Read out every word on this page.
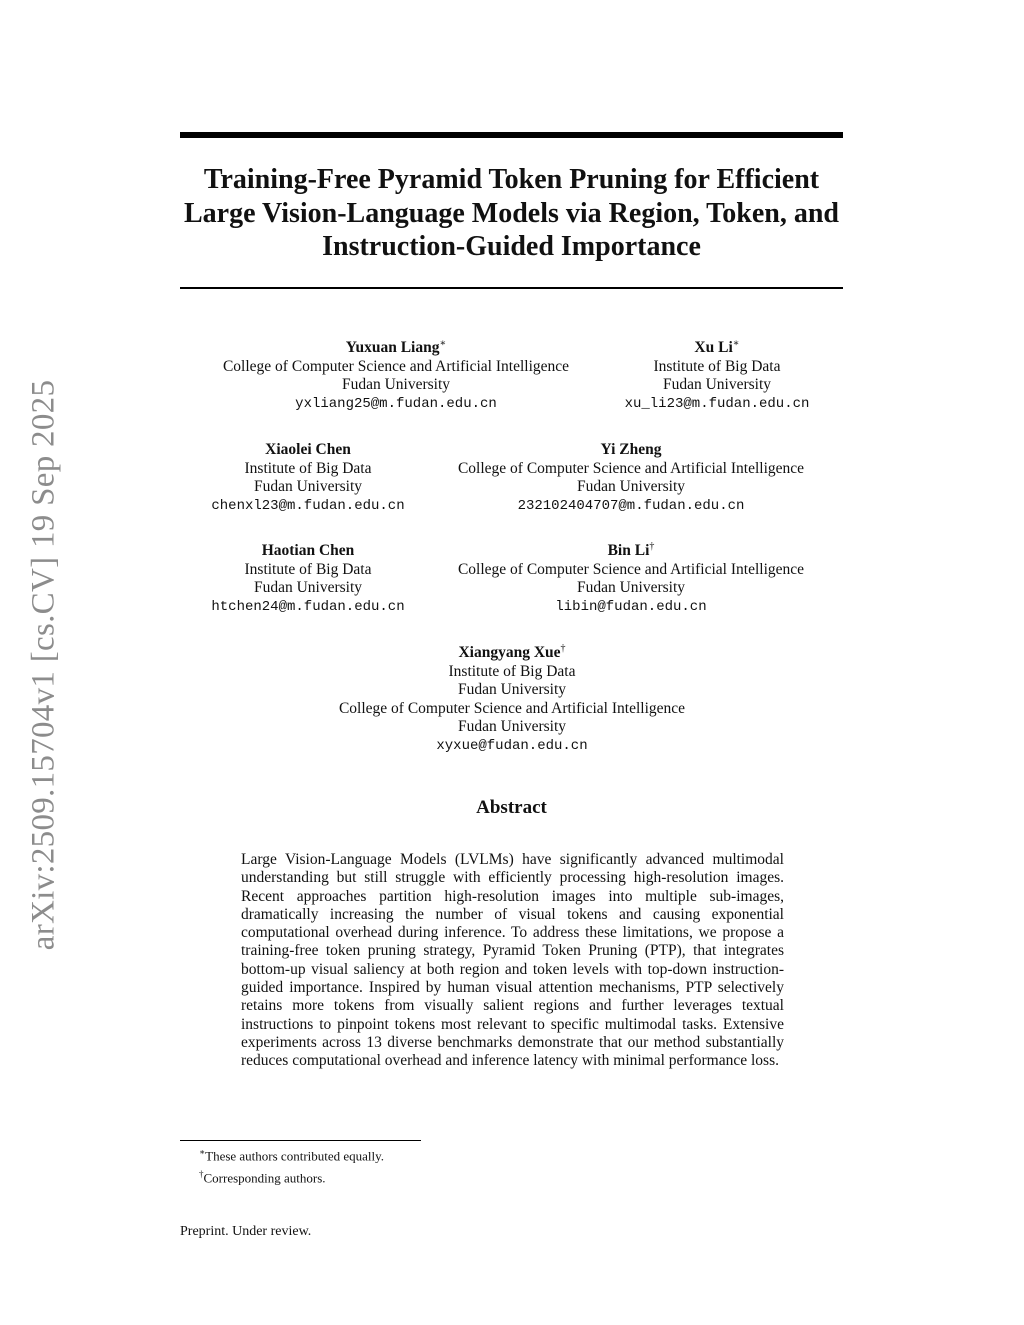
arXiv:2509.15704v1 [cs.CV] 19 Sep 2025
Training-Free Pyramid Token Pruning for Efficient
Large Vision-Language Models via Region, Token, and
Instruction-Guided Importance
Yuxuan Liang∗
College of Computer Science and Artificial Intelligence
Fudan University
yxliang25@m.fudan.edu.cn
Xu Li∗
Institute of Big Data
Fudan University
xu_li23@m.fudan.edu.cn
Xiaolei Chen
Institute of Big Data
Fudan University
chenxl23@m.fudan.edu.cn
Yi Zheng
College of Computer Science and Artificial Intelligence
Fudan University
232102404707@m.fudan.edu.cn
Haotian Chen
Institute of Big Data
Fudan University
htchen24@m.fudan.edu.cn
Bin Li†
College of Computer Science and Artificial Intelligence
Fudan University
libin@fudan.edu.cn
Xiangyang Xue†
Institute of Big Data
Fudan University
College of Computer Science and Artificial Intelligence
Fudan University
xyxue@fudan.edu.cn
Abstract

Large Vision-Language Models (LVLMs) have significantly advanced multimodal understanding but still struggle with efficiently processing high-resolution images. Recent approaches partition high-resolution images into multiple sub-images, dramatically increasing the number of visual tokens and causing exponential computational overhead during inference. To address these limitations, we propose a training-free token pruning strategy, Pyramid Token Pruning (PTP), that integrates bottom-up visual saliency at both region and token levels with top-down instruction-guided importance. Inspired by human visual attention mechanisms, PTP selectively retains more tokens from visually salient regions and further leverages textual instructions to pinpoint tokens most relevant to specific multimodal tasks. Extensive experiments across 13 diverse benchmarks demonstrate that our method substantially reduces computational overhead and inference latency with minimal performance loss.

∗These authors contributed equally.
†Corresponding authors.
Preprint. Under review.
